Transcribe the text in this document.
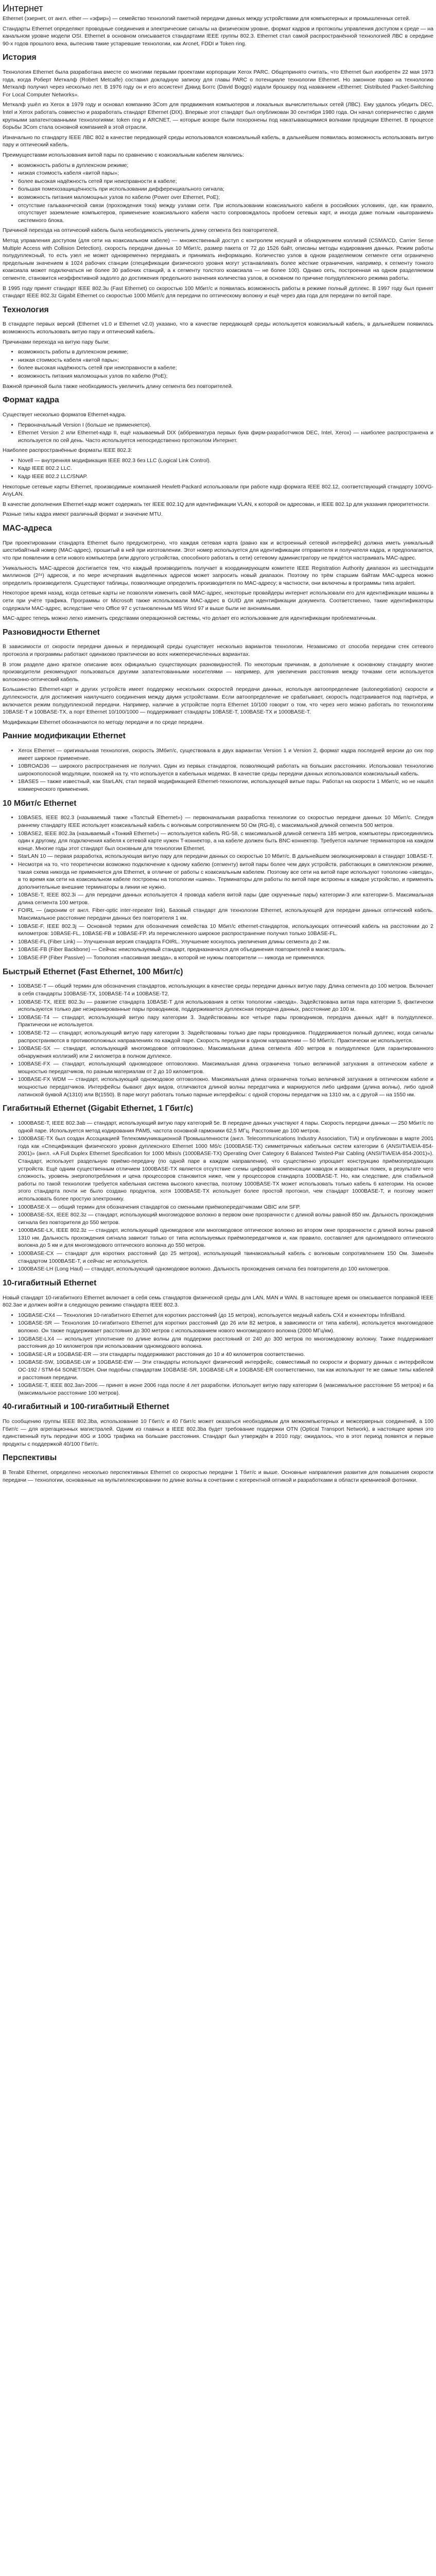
Интернет

Ethernet (эзернет, от англ. ether — «эфир») — семейство технологий пакетной передачи данных между устройствами для компьютерных и промышленных сетей.

Стандарты Ethernet определяют проводные соединения и электрические сигналы на физическом уровне, формат кадров и протоколы управления доступом к среде — на канальном уровне модели OSI. Ethernet в основном описывается стандартами IEEE группы 802.3. Ethernet стал самой распространённой технологией ЛВС в середине 90-х годов прошлого века, вытеснив такие устаревшие технологии, как Arcnet, FDDI и Token ring.

История

Технология Ethernet была разработана вместе со многими первыми проектами корпорации Xerox PARC. Общепринято считать, что Ethernet был изобретён 22 мая 1973 года, когда Роберт Меткалф (Robert Metcalfe) составил докладную записку для главы PARC о потенциале технологии Ethernet. Но законное право на технологию Меткалф получил через несколько лет. В 1976 году он и его ассистент Дэвид Боггс (David Boggs) издали брошюру под названием «Ethernet: Distributed Packet-Switching For Local Computer Networks».

Меткалф ушёл из Xerox в 1979 году и основал компанию 3Com для продвижения компьютеров и локальных вычислительных сетей (ЛВС). Ему удалось убедить DEC, Intel и Xerox работать совместно и разработать стандарт Ethernet (DIX). Впервые этот стандарт был опубликован 30 сентября 1980 года. Он начал соперничество с двумя крупными запатентованными технологиями: token ring и ARCNET, — которые вскоре были похоронены под накатывающимися волнами продукции Ethernet. В процессе борьбы 3Com стала основной компанией в этой отрасли.

Изначально по стандарту IEEE ЛВС 802 в качестве передающей среды использовался коаксиальный кабель, в дальнейшем появилась возможность использовать витую пару и оптический кабель.

Преимуществами использования витой пары по сравнению с коаксиальным кабелем являлись:

• возможность работы в дуплексном режиме;
• низкая стоимость кабеля «витой пары»;
• более высокая надёжность сетей при неисправности в кабеле;
• большая помехозащищённость при использовании дифференциального сигнала;
• возможность питания маломощных узлов по кабелю (Power over Ethernet, PoE);
• отсутствие гальванической связи (прохождения тока) между узлами сети. При использовании коаксиального кабеля в российских условиях, где, как правило, отсутствует заземление компьютеров, применение коаксиального кабеля часто сопровождалось пробоем сетевых карт, и иногда даже полным «выгоранием» системного блока.

Причиной перехода на оптический кабель была необходимость увеличить длину сегмента без повторителей.

Метод управления доступом (для сети на коаксиальном кабеле) — множественный доступ с контролем несущей и обнаружением коллизий (CSMA/CD, Carrier Sense Multiple Access with Collision Detection), скорость передачи данных 10 Мбит/с, размер пакета от 72 до 1526 байт, описаны методы кодирования данных. Режим работы полудуплексный, то есть узел не может одновременно передавать и принимать информацию. Количество узлов в одном разделяемом сегменте сети ограничено предельным значением в 1024 рабочих станции (спецификации физического уровня могут устанавливать более жёсткие ограничения, например, к сегменту тонкого коаксиала может подключаться не более 30 рабочих станций, а к сегменту толстого коаксиала — не более 100). Однако сеть, построенная на одном разделяемом сегменте, становится неэффективной задолго до достижения предельного значения количества узлов, в основном по причине полудуплексного режима работы.

В 1995 году принят стандарт IEEE 802.3u (Fast Ethernet) со скоростью 100 Мбит/с и появилась возможность работы в режиме полный дуплекс. В 1997 году был принят стандарт IEEE 802.3z Gigabit Ethernet со скоростью 1000 Мбит/с для передачи по оптическому волокну и ещё через два года для передачи по витой паре.

Технология

В стандарте первых версий (Ethernet v1.0 и Ethernet v2.0) указано, что в качестве передающей среды используется коаксиальный кабель, в дальнейшем появилась возможность использовать витую пару и оптический кабель.

Причинами перехода на витую пару были:

• возможность работы в дуплексном режиме;
• низкая стоимость кабеля «витой пары»;
• более высокая надёжность сетей при неисправности в кабеле;
• возможность питания маломощных узлов по кабелю (PoE);

Важной причиной была также необходимость увеличить длину сегмента без повторителей.

Формат кадра

Существует несколько форматов Ethernet-кадра.

• Первоначальный Version I (больше не применяется).
• Ethernet Version 2 или Ethernet-кадр II, ещё называемый DIX (аббревиатура первых букв фирм-разработчиков DEC, Intel, Xerox) — наиболее распространена и используется по сей день. Часто используется непосредственно протоколом Интернет.

Наиболее распространённые форматы IEEE 802.3:

• Novell — внутренняя модификация IEEE 802.3 без LLC (Logical Link Control).
• Кадр IEEE 802.2 LLC.
• Кадр IEEE 802.2 LLC/SNAP.

Некоторые сетевые карты Ethernet, производимые компанией Hewlett-Packard использовали при работе кадр формата IEEE 802.12, соответствующий стандарту 100VG-AnyLAN.

В качестве дополнения Ethernet-кадр может содержать тег IEEE 802.1Q для идентификации VLAN, к которой он адресован, и IEEE 802.1p для указания приоритетности.

Разные типы кадра имеют различный формат и значение MTU.

MAC-адреса

При проектировании стандарта Ethernet было предусмотрено, что каждая сетевая карта (равно как и встроенный сетевой интерфейс) должна иметь уникальный шестибайтный номер (MAC-адрес), прошитый в ней при изготовлении. Этот номер используется для идентификации отправителя и получателя кадра, и предполагается, что при появлении в сети нового компьютера (или другого устройства, способного работать в сети) сетевому администратору не придётся настраивать MAC-адрес.

Уникальность MAC-адресов достигается тем, что каждый производитель получает в координирующем комитете IEEE Registration Authority диапазон из шестнадцати миллионов (2²⁴) адресов, и по мере исчерпания выделенных адресов может запросить новый диапазон. Поэтому по трём старшим байтам MAC-адреса можно определить производителя. Существуют таблицы, позволяющие определить производителя по MAC-адресу; в частности, они включены в программы типа arpalert.

Некоторое время назад, когда сетевые карты не позволяли изменить свой MAC-адрес, некоторые провайдеры интернет использовали его для идентификации машины в сети при учёте трафика. Программы от Microsoft также использовали MAC-адрес в GUID для идентификации документа. Соответственно, такие идентификаторы содержали MAC-адрес, вследствие чего Office 97 с установленным MS Word 97 и выше были не анонимными.

MAC-адрес теперь можно легко изменить средствами операционной системы, что делает его использование для идентификации проблематичным.

Разновидности Ethernet

В зависимости от скорости передачи данных и передающей среды существует несколько вариантов технологии. Независимо от способа передачи стек сетевого протокола и программы работают одинаково практически во всех нижеперечисленных вариантах.

В этом разделе дано краткое описание всех официально существующих разновидностей. По некоторым причинам, в дополнение к основному стандарту многие производители рекомендуют пользоваться другими запатентованными носителями — например, для увеличения расстояния между точками сети используется волоконно-оптический кабель.

Большинство Ethernet-карт и других устройств имеет поддержку нескольких скоростей передачи данных, используя автоопределение (autonegotiation) скорости и дуплексности, для достижения наилучшего соединения между двумя устройствами. Если автоопределение не срабатывает, скорость подстраивается под партнёра, и включается режим полудуплексной передачи. Например, наличие в устройстве порта Ethernet 10/100 говорит о том, что через него можно работать по технологиям 10BASE-T и 100BASE-TX, а порт Ethernet 10/100/1000 — поддерживает стандарты 10BASE-T, 100BASE-TX и 1000BASE-T.

Модификации Ethernet обозначаются по методу передачи и по среде передачи.

Ранние модификации Ethernet
• Xerox Ethernet — оригинальная технология, скорость 3Мбит/с, существовала в двух вариантах Version 1 и Version 2, формат кадра последней версии до сих пор имеет широкое применение.
• 10BROAD36 — широкого распространения не получил. Один из первых стандартов, позволяющий работать на больших расстояниях. Использовал технологию широкополосной модуляции, похожей на ту, что используется в кабельных модемах. В качестве среды передачи данных использовался коаксиальный кабель.
• 1BASE5 — также известный, как StarLAN, стал первой модификацией Ethernet-технологии, использующей витые пары. Работал на скорости 1 Мбит/с, но не нашёл коммерческого применения.
10 Мбит/с Ethernet
• 10BASE5, IEEE 802.3 (называемый также «Толстый Ethernet») — первоначальная разработка технологии со скоростью передачи данных 10 Мбит/с. Следуя раннему стандарту IEEE использует коаксиальный кабель с волновым сопротивлением 50 Ом (RG-8), с максимальной длиной сегмента 500 метров.
• 10BASE2, IEEE 802.3a (называемый «Тонкий Ethernet») — используется кабель RG-58, с максимальной длиной сегмента 185 метров, компьютеры присоединялись один к другому, для подключения кабеля к сетевой карте нужен T-коннектор, а на кабеле должен быть BNC-коннектор. Требуется наличие терминаторов на каждом конце. Многие годы этот стандарт был основным для технологии Ethernet.
• StarLAN 10 — первая разработка, использующая витую пару для передачи данных со скоростью 10 Мбит/с. В дальнейшем эволюционировал в стандарт 10BASE-T.
• Несмотря на то, что теоретически возможно подключение к одному кабелю (сегменту) витой пары более чем двух устройств, работающих в симплексном режиме, такая схема никогда не применяется для Ethernet, в отличие от работы с коаксиальным кабелем. Поэтому все сети на витой паре используют топологию «звезда», в то время как сети на коаксиальном кабеле построены на топологии «шина». Терминаторы для работы по витой паре встроены в каждое устройство, и применять дополнительные внешние терминаторы в линии не нужно.
• 10BASE-T, IEEE 802.3i — для передачи данных используется 4 провода кабеля витой пары (две скрученные пары) категории-3 или категории-5. Максимальная длина сегмента 100 метров.
• FOIRL — (акроним от англ. Fiber-optic inter-repeater link). Базовый стандарт для технологии Ethernet, использующей для передачи данных оптический кабель. Максимальное расстояние передачи данных без повторителя 1 км.
• 10BASE-F, IEEE 802.3j — Основной термин для обозначения семейства 10 Мбит/с ethernet-стандартов, использующих оптический кабель на расстоянии до 2 километров: 10BASE-FL, 10BASE-FB и 10BASE-FP. Из перечисленного широкое распространение получил только 10BASE-FL.
• 10BASE-FL (Fiber Link) — Улучшенная версия стандарта FOIRL. Улучшение коснулось увеличения длины сегмента до 2 км.
• 10BASE-FB (Fiber Backbone) — Сейчас неиспользуемый стандарт, предназначался для объединения повторителей в магистраль.
• 10BASE-FP (Fiber Passive) — Топология «пассивная звезда», в которой не нужны повторители — никогда не применялся.
Быстрый Ethernet (Fast Ethernet, 100 Мбит/с)
• 100BASE-T — общий термин для обозначения стандартов, использующих в качестве среды передачи данных витую пару. Длина сегмента до 100 метров. Включает в себя стандарты 100BASE-TX, 100BASE-T4 и 100BASE-T2.
• 100BASE-TX, IEEE 802.3u — развитие стандарта 10BASE-T для использования в сетях топологии «звезда». Задействована витая пара категории 5, фактически используются только две неэкранированные пары проводников, поддерживается дуплексная передача данных, расстояние до 100 м.
• 100BASE-T4 — стандарт, использующий витую пару категории 3. Задействованы все четыре пары проводников, передача данных идёт в полудуплексе. Практически не используется.
• 100BASE-T2 — стандарт, использующий витую пару категории 3. Задействованы только две пары проводников. Поддерживается полный дуплекс, когда сигналы распространяются в противоположных направлениях по каждой паре. Скорость передачи в одном направлении — 50 Мбит/с. Практически не используется.
• 100BASE-SX — стандарт, использующий многомодовое оптоволокно. Максимальная длина сегмента 400 метров в полудуплексе (для гарантированного обнаружения коллизий) или 2 километра в полном дуплексе.
• 100BASE-FX — стандарт, использующий одномодовое оптоволокно. Максимальная длина ограничена только величиной затухания в оптическом кабеле и мощностью передатчиков, по разным материалам от 2 до 10 километров.
• 100BASE-FX WDM — стандарт, использующий одномодовое оптоволокно. Максимальная длина ограничена только величиной затухания в оптическом кабеле и мощностью передатчиков. Интерфейсы бывают двух видов, отличаются длиной волны передатчика и маркируются либо цифрами (длина волны), либо одной латинской буквой A(1310) или B(1550). В паре могут работать только парные интерфейсы: с одной стороны передатчик на 1310 нм, а с другой — на 1550 нм.
Гигабитный Ethernet (Gigabit Ethernet, 1 Гбит/с)
• 1000BASE-T, IEEE 802.3ab — стандарт, использующий витую пару категорий 5e. В передаче данных участвуют 4 пары. Скорость передачи данных — 250 Мбит/с по одной паре. Используется метод кодирования PAM5, частота основной гармоники 62,5 МГц. Расстояние до 100 метров.
• 1000BASE-TX был создан Ассоциацией Телекоммуникационной Промышленности (англ. Telecommunications Industry Association, TIA) и опубликован в марте 2001 года как «Спецификация физического уровня дуплексного Ethernet 1000 Мб/с (1000BASE-TX) симметричных кабельных систем категории 6 (ANSI/TIA/EIA-854-2001)» (англ. «A Full Duplex Ethernet Specification for 1000 Mbis/s (1000BASE-TX) Operating Over Category 6 Balanced Twisted-Pair Cabling (ANSI/TIA/EIA-854-2001)»). Стандарт, использует раздельную приёмо-передачу (по одной паре в каждом направлении), что существенно упрощает конструкцию приёмопередающих устройств. Ещё одним существенным отличием 1000BASE-TX является отсутствие схемы цифровой компенсации наводок и возвратных помех, в результате чего сложность, уровень энергопотребления и цена процессоров становится ниже, чем у процессоров стандарта 1000BASE-T. Но, как следствие, для стабильной работы по такой технологии требуется кабельная система высокого качества, поэтому 1000BASE-TX может использовать только кабель 6 категории. На основе этого стандарта почти не было создано продуктов, хотя 1000BASE-TX использует более простой протокол, чем стандарт 1000BASE-T, и поэтому может использовать более простую электронику.
• 1000BASE-X — общий термин для обозначения стандартов со сменными приёмопередатчиками GBIC или SFP.
• 1000BASE-SX, IEEE 802.3z — стандарт, использующий многомодовое волокно в первом окне прозрачности с длиной волны равной 850 нм. Дальность прохождения сигнала без повторителя до 550 метров.
• 1000BASE-LX, IEEE 802.3z — стандарт, использующий одномодовое или многомодовое оптическое волокно во втором окне прозрачности с длиной волны равной 1310 нм. Дальность прохождения сигнала зависит только от типа используемых приёмопередатчиков и, как правило, составляет для одномодового оптического волокна до 5 км и для многомодового оптического волокна до 550 метров.
• 1000BASE-CX — стандарт для коротких расстояний (до 25 метров), использующий твинаксиальный кабель с волновым сопротивлением 150 Ом. Заменён стандартом 1000BASE-T, и сейчас не используется.
• 1000BASE-LH (Long Haul) — стандарт, использующий одномодовое волокно. Дальность прохождения сигнала без повторителя до 100 километров.
10-гигабитный Ethernet

Новый стандарт 10-гигабитного Ethernet включает в себя семь стандартов физической среды для LAN, MAN и WAN. В настоящее время он описывается поправкой IEEE 802.3ae и должен войти в следующую ревизию стандарта IEEE 802.3.

• 10GBASE-CX4 — Технология 10-гигабитного Ethernet для коротких расстояний (до 15 метров), используется медный кабель CX4 и коннекторы InfiniBand.
• 10GBASE-SR — Технология 10-гигабитного Ethernet для коротких расстояний (до 26 или 82 метров, в зависимости от типа кабеля), используется многомодовое волокно. Он также поддерживает расстояния до 300 метров с использованием нового многомодового волокна (2000 МГц/км).
• 10GBASE-LX4 — использует уплотнение по длине волны для поддержки расстояний от 240 до 300 метров по многомодовому волокну. Также поддерживает расстояния до 10 километров при использовании одномодового волокна.
• 10GBASE-LR и 10GBASE-ER — эти стандарты поддерживают расстояния до 10 и 40 километров соответственно.
• 10GBASE-SW, 10GBASE-LW и 10GBASE-EW — Эти стандарты используют физический интерфейс, совместимый по скорости и формату данных с интерфейсом OC-192 / STM-64 SONET/SDH. Они подобны стандартам 10GBASE-SR, 10GBASE-LR и 10GBASE-ER соответственно, так как используют те же самые типы кабелей и расстояния передачи.
• 10GBASE-T, IEEE 802.3an-2006 — принят в июне 2006 года после 4 лет разработки. Использует витую пару категории 6 (максимальное расстояние 55 метров) и 6a (максимальное расстояние 100 метров).
40-гигабитный и 100-гигабитный Ethernet

По сообщению группы IEEE 802.3ba, использование 10 Гбит/с и 40 Гбит/с может оказаться необходимым для межкомпьютерных и межсерверных соединений, а 100 Гбит/с — для агрегационных магистралей. Одним из главных в IEEE 802.3ba будет требование поддержки OTN (Optical Transport Network), в настоящее время это единственный путь передачи 40G и 100G трафика на большие расстояния. Стандарт был утверждён в 2010 году; ожидалось, что в этот период появятся и первые продукты с поддержкой 40/100 Гбит/с.

Перспективы

В Terabit Ethernet, определено несколько перспективных Ethernet со скоростью передачи 1 Тбит/с и выше. Основные направления развития для повышения скорости передачи — технологии, основанные на мультиплексировании по длине волны в сочетании с когерентной оптикой и разработками в области кремниевой фотоники.
